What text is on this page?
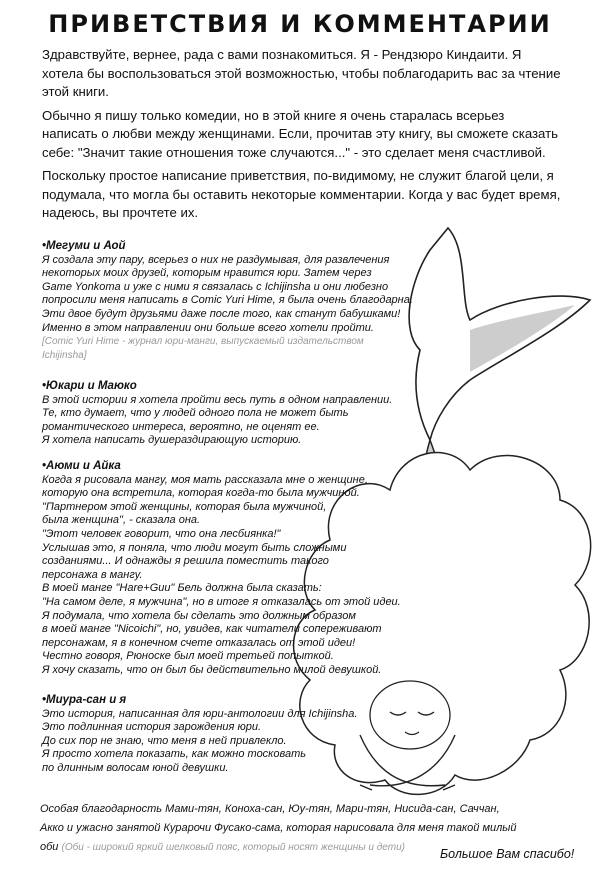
ПРИВЕТСТВИЯ И КОММЕНТАРИИ

Здравствуйте, вернее, рада с вами познакомиться. Я - Рендзюро Киндаити. Я хотела бы воспользоваться этой возможностью, чтобы поблагодарить вас за чтение этой книги.

Обычно я пишу только комедии, но в этой книге я очень старалась всерьез написать о любви между женщинами. Если, прочитав эту книгу, вы сможете сказать себе: "Значит такие отношения тоже случаются..." - это сделает меня счастливой.

Поскольку простое написание приветствия, по-видимому, не служит благой цели, я подумала, что могла бы оставить некоторые комментарии. Когда у вас будет время, надеюсь, вы прочтете их.

•Мегуми и Аой
Я создала эту пару, всерьез о них не раздумывая, для развлечения
некоторых моих друзей, которым нравится юри. Затем через
Game Yonkoma и уже с ними я связалась с Ichijinsha и они любезно
попросили меня написать в Comic Yuri Hime, я была очень благодарна.
Эти двое будут друзьями даже после того, как станут бабушками!
Именно в этом направлении они больше всего хотели пройти.
[Comic Yuri Hime - журнал юри-манги, выпускаемый издательством Ichijinsha]
•Юкари и Маюко
В этой истории я хотела пройти весь путь в одном направлении.
Те, кто думает, что у людей одного пола не может быть
романтического интереса, вероятно, не оценят ее.
Я хотела написать душераздирающую историю.
•Аюми и Айка
Когда я рисовала мангу, моя мать рассказала мне о женщине,
которую она встретила, которая когда-то была мужчиной.
"Партнером этой женщины, которая была мужчиной,
была женщина", - сказала она.
"Этот человек говорит, что она лесбиянка!"
Услышав это, я поняла, что люди могут быть сложными
созданиями... И однажды я решила поместить такого
персонажа в мангу.
В моей манге "Hare+Guu" Бель должна была сказать:
"На самом деле, я мужчина", но в итоге я отказалась от этой идеи.
Я подумала, что хотела бы сделать это должным образом
в моей манге "Nicoichi", но, увидев, как читатели сопереживают
персонажам, я в конечном счете отказалась от этой идеи!
Честно говоря, Рюноске был моей третьей попыткой.
Я хочу сказать, что он был бы действительно милой девушкой.
•Миура-сан и я
Это история, написанная для юри-антологии для Ichijinsha.
Это подлинная история зарождения юри.
До сих пор не знаю, что меня в ней привлекло.
Я просто хотела показать, как можно тосковать
по длинным волосам юной девушки.
Особая благодарность Мами-тян, Коноха-сан, Юу-тян, Мари-тян, Нисида-сан, Саччан,
Акко и ужасно занятой Курарочи Фусако-сама, которая нарисовала для меня такой милый
оби (Оби - широкий яркий шелковый пояс, который носят женщины и дети)	Большое Вам спасибо!
